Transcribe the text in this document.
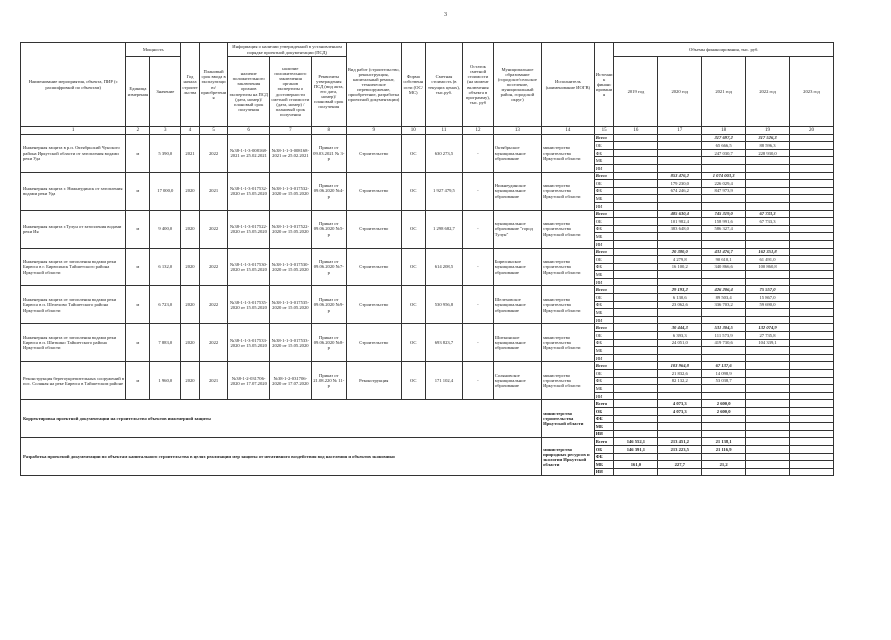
3
Наименование мероприятия, объекта, ПИР (с расшифровкой по объектам)	Мощность		Год начала строительства	Плановый срок ввода в эксплуатацию/приобретения	Информация о наличии утвержденной в установленном порядке проектной документации (ПСД)			Вид работ (строительство, реконструкция, капитальный ремонт, техническое перевооружение, приобретение, разработка проектной документации)	Форма собственности (ОС/МС)	Сметная стоимость (в текущих ценах), тыс.руб.	Остаток сметной стоимости (на момент включения объекта в программу), тыс. руб	Муниципальное образование (городское/сельское поселение, муниципальный район, городской округ)	Исполнитель (наименование ИОГВ)	Источник финансирования	Объемы финансирования, тыс. руб.				
	Единица измерения	Значение			наличие положительного заключения органов экспертизы на ПСД (дата, номер)/плановый срок получения	наличие положительного заключения органов экспертизы о достоверности сметной стоимости (дата, номер) / плановый срок получения	Реквизиты утверждения ПСД (вид акта, его дата, номер)/плановый срок получения								2019 год	2020 год	2021 год	2022 год	2023 год

1	2	3	4	5	6	7	8	9	10	11	12	13	14	15	16	17	18	19	20
Инженерная защита в р.п. Октябрьский Чунского района Иркутской области от затопления водами реки Уда	м	5 390,0	2021	2022	№38-1-1-3-008168-2021 от 25.02.2021	№38-1-1-3-008168-2021 от 25.02.2021	Приказ от 09.03.2021 № 3-р	Строительство	ОС	630 273,5	-	Октябрьское муниципальное образование	министерство строительства Иркутской области	Всего			317 697,2	317 526,3	
														ОБ			65 666,5	88 596,3	
														ФБ			247 030,7	228 930,0	
														МБ					
														ИИ					
Инженерная защита г. Нижнеудинск от затопления водами реки Уда	м	17 000,0	2020	2021	№38-1-1-3-017532-2020 от 15.05.2020	№38-1-1-3-017532-2020 от 15.05.2020	Приказ от 09.06.2020 №4-р	Строительство	ОС	1 927 479,5	-	Нижнеудинское муниципальное образование	министерство строительства Иркутской области	Всего		853 476,2	1 074 003,3		
														ОБ		179 230,0	226 029,4		
														ФБ		674 246,2	847 973,9		
														МБ					
														ИИ					
Инженерная защита г.Тулун от затопления водами реки Ия	м	9 400,0	2020	2022	№38-1-1-3-017522-2020 от 15.05.2020	№38-1-1-3-017522-2020 от 15.05.2020	Приказ от 09.06.2020 №5-р	Строительство	ОС	1 298 682,7	-	муниципальное образование "город Тулун"	министерство строительства Иркутской области	Всего		485 630,4	745 319,0	67 733,3	
														ОБ		101 982,4	158 991,6	67 733,3	
														ФБ		383 648,0	586 327,4		
														МБ					
														ИИ					
Инженерная защита от затопления водами реки Бирюса в г. Бирюсинск Тайшетского района Иркутской области	м	6 132,0	2020	2022	№38-1-1-3-017530-2020 от 15.05.2020	№38-1-1-3-017530-2020 от 15.05.2020	Приказ от 09.06.2020 №7-р	Строительство	ОС	614 208,5	-	Бирюсинское муниципальное образование	министерство строительства Иркутской области	Всего		20 380,0	431 476,7	162 351,8	
														ОБ		4 279,8	90 610,1	61 491,0	
														ФБ		16 100,2	340 866,6	100 860,8	
														МБ					
														ИИ					
Инженерная защита от затопления водами реки Бирюса в п. Шелехово Тайшетского района Иркутской области	м	6 723,0	2020	2022	№38-1-1-3-017535-2020 от 15.05.2020	№38-1-1-3-017535-2020 от 15.05.2020	Приказ от 09.06.2020 №9-р	Строительство	ОС	530 956,8	-	Шелеховское муниципальное образование	министерство строительства Иркутской области	Всего		29 193,2	426 206,4	75 557,0	
														ОБ		6 130,6	89 503,4	15 867,0	
														ФБ		23 062,6	336 703,2	59 690,0	
														МБ					
														ИИ					
Инженерная защита от затопления водами реки Бирюса в п. Шиткино Тайшетского района Иркутской области	м	7 883,0	2020	2022	№38-1-1-3-017533-2020 от 15.05.2020	№38-1-1-3-017533-2020 от 15.05.2020	Приказ от 09.06.2020 №8-р	Строительство	ОС	693 823,7	-	Шиткинское муниципальное образование	министерство строительства Иркутской области	Всего		30 444,3	531 304,5	132 074,9	
														ОБ		6 393,3	111 573,9	27 735,8	
														ФБ		24 051,0	419 730,6	104 339,1	
														МБ					
														ИИ					
Реконструкция берегоукрепительных сооружений в пос. Соляная на реке Бирюса в Тайшетском районе	м	1 960,0	2020	2021	№38-1-2-031706-2020 от 17.07.2020	№38-1-2-031706-2020 от 17.07.2020	Приказ от 21.08.220 № 11-р	Реконструкция	ОС	171 102,4	-	Соляновское муниципальное образование	министерство строительства Иркутской области	Всего		103 964,8	67 137,6		
														ОБ		21 832,6	14 098,9		
														ФБ		82 132,2	53 038,7		
														МБ					
														ИИ					
Корректировка проектной документации на строительство объектов инженерной защиты													министерство строительства Иркутской области	Всего		4 073,3	2 600,0		
														ОБ		4 073,3	2 600,0		
														ФБ					
														МБ					
														ИИ					
Разработка проектной документации по объектам капитального строительства в целях реализации мер защиты от негативного воздействия вод населения и объектов экономики													министерство природных ресурсов и экологии Иркутской области	Всего	146 552,1	213 451,2	21 138,1		
														ОБ	146 391,1	213 223,5	21 116,9		
														ФБ					
														МБ	161,0	227,7	21,2		
														ИИ					
